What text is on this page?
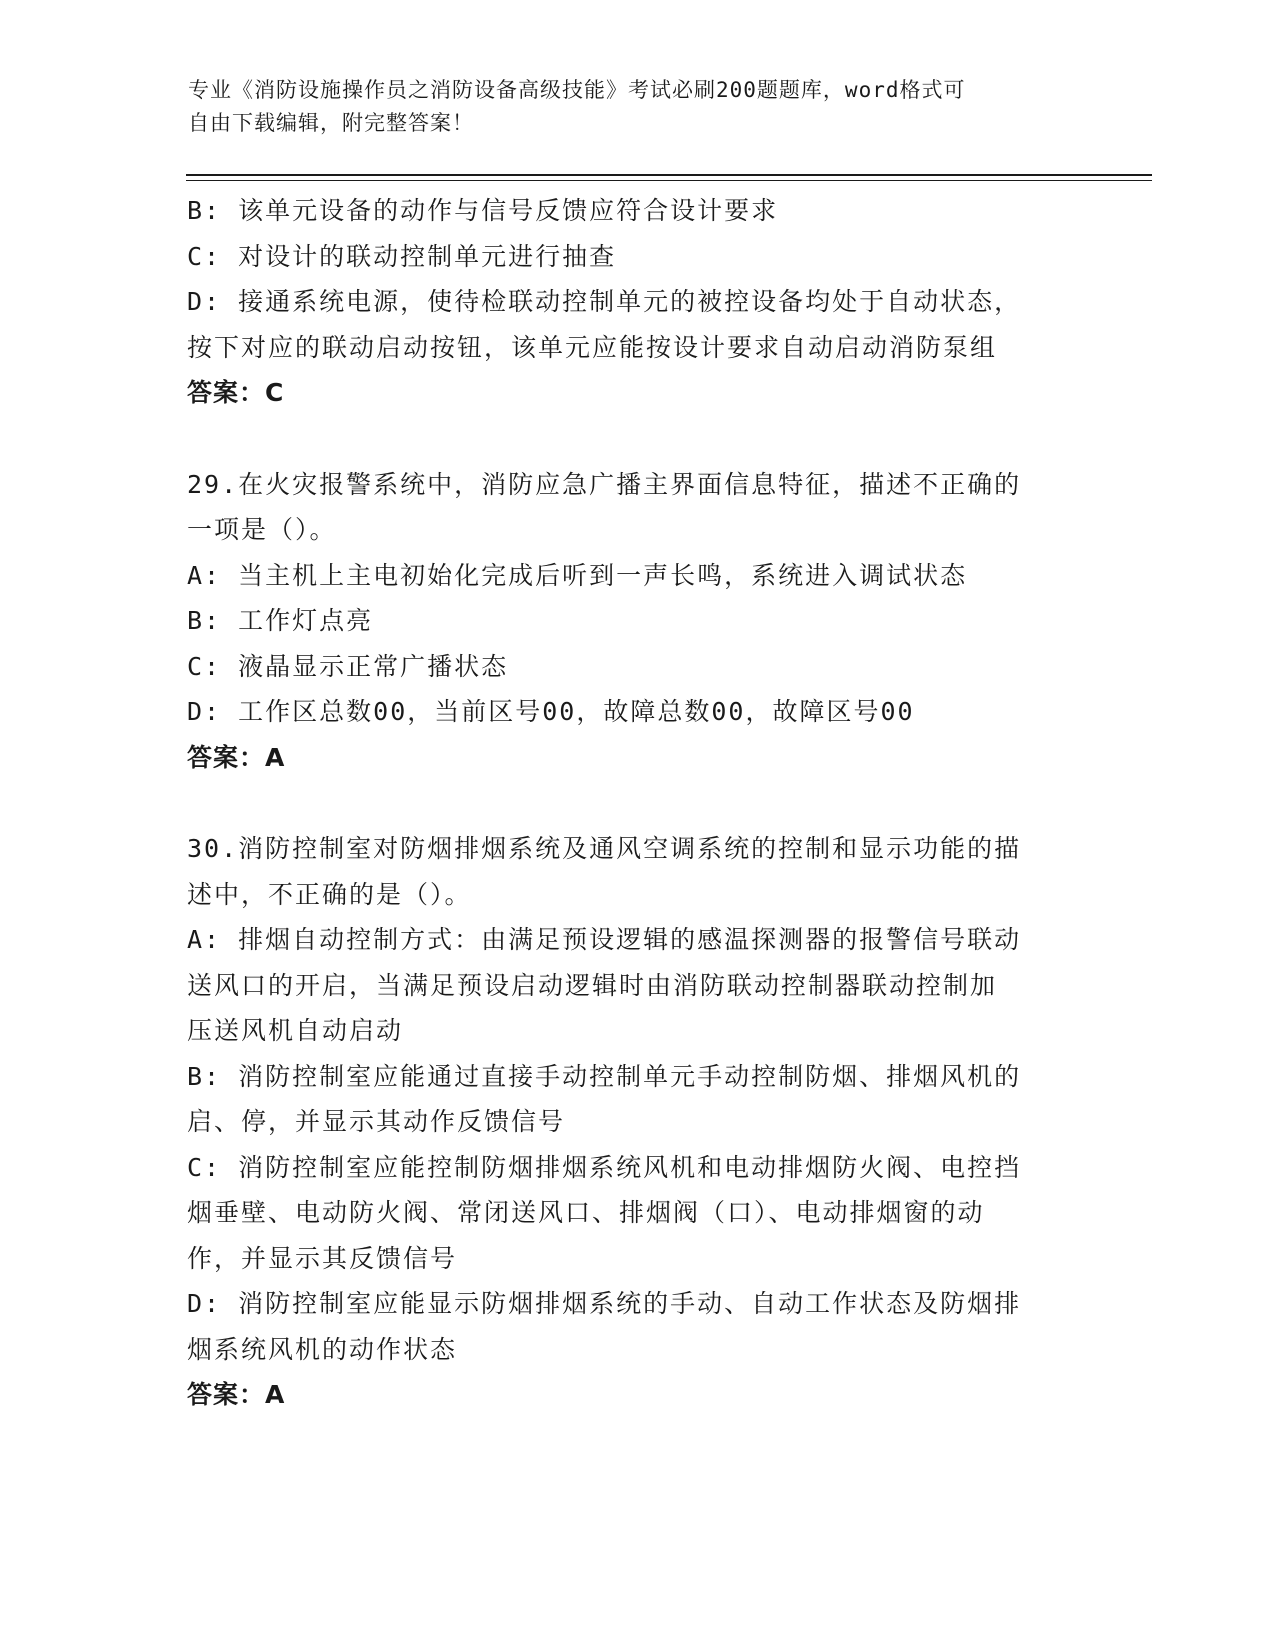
专业《消防设施操作员之消防设备高级技能》考试必刷200题题库，word格式可
自由下载编辑，附完整答案！
B: 该单元设备的动作与信号反馈应符合设计要求
C: 对设计的联动控制单元进行抽查
D: 接通系统电源，使待检联动控制单元的被控设备均处于自动状态，
按下对应的联动启动按钮，该单元应能按设计要求自动启动消防泵组
答案：C
29.在火灾报警系统中，消防应急广播主界面信息特征，描述不正确的
一项是（）。
A: 当主机上主电初始化完成后听到一声长鸣，系统进入调试状态
B: 工作灯点亮
C: 液晶显示正常广播状态
D: 工作区总数00，当前区号00，故障总数00，故障区号00
答案：A
30.消防控制室对防烟排烟系统及通风空调系统的控制和显示功能的描
述中，不正确的是（）。
A: 排烟自动控制方式：由满足预设逻辑的感温探测器的报警信号联动
送风口的开启，当满足预设启动逻辑时由消防联动控制器联动控制加
压送风机自动启动
B: 消防控制室应能通过直接手动控制单元手动控制防烟、排烟风机的
启、停，并显示其动作反馈信号
C: 消防控制室应能控制防烟排烟系统风机和电动排烟防火阀、电控挡
烟垂壁、电动防火阀、常闭送风口、排烟阀（口）、电动排烟窗的动
作，并显示其反馈信号
D: 消防控制室应能显示防烟排烟系统的手动、自动工作状态及防烟排
烟系统风机的动作状态
答案：A
